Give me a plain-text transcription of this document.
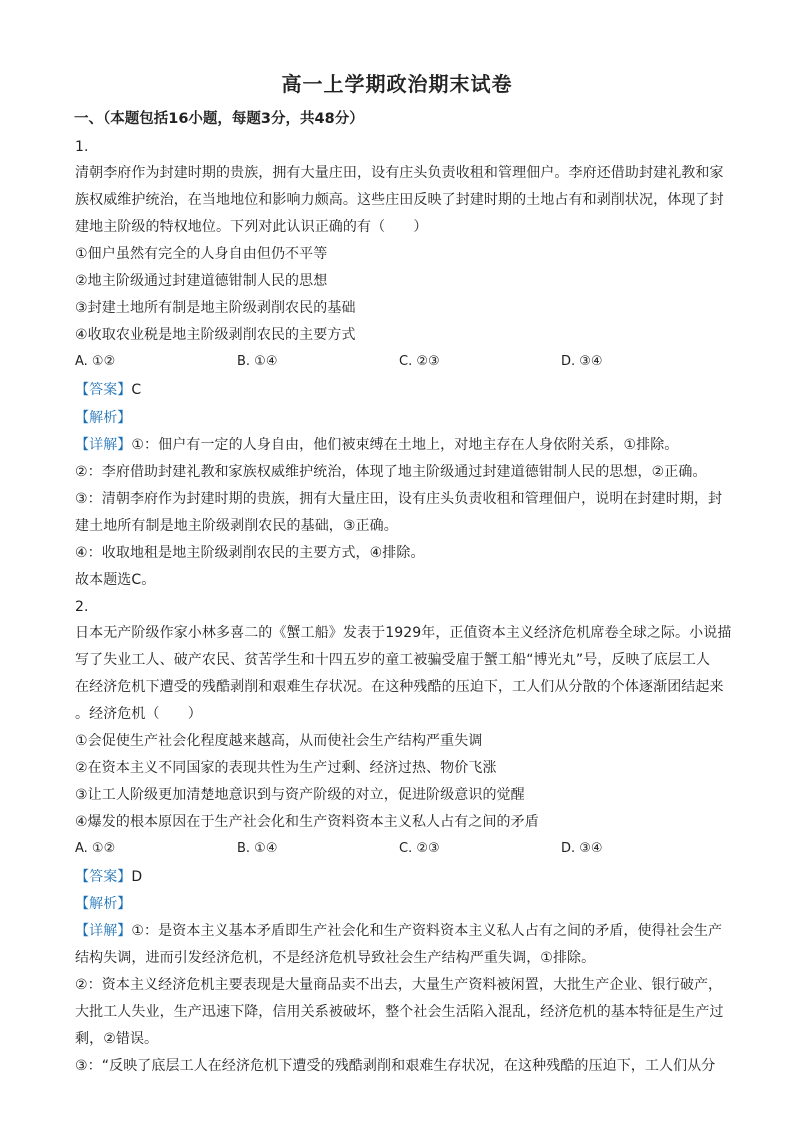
高一上学期政治期末试卷
一、（本题包括16小题，每题3分，共48分）
1.
清朝李府作为封建时期的贵族，拥有大量庄田，设有庄头负责收租和管理佃户。李府还借助封建礼教和家
族权威维护统治，在当地地位和影响力颇高。这些庄田反映了封建时期的土地占有和剥削状况，体现了封
建地主阶级的特权地位。下列对此认识正确的有（　　）
①佃户虽然有完全的人身自由但仍不平等
②地主阶级通过封建道德钳制人民的思想
③封建土地所有制是地主阶级剥削农民的基础
④收取农业税是地主阶级剥削农民的主要方式
A. ①②	B. ①④	C. ②③	D. ③④
【答案】C
【解析】
【详解】①：佃户有一定的人身自由，他们被束缚在土地上，对地主存在人身依附关系，①排除。
②：李府借助封建礼教和家族权威维护统治，体现了地主阶级通过封建道德钳制人民的思想，②正确。
③：清朝李府作为封建时期的贵族，拥有大量庄田，设有庄头负责收租和管理佃户，说明在封建时期，封
建土地所有制是地主阶级剥削农民的基础，③正确。
④：收取地租是地主阶级剥削农民的主要方式，④排除。
故本题选C。
2.
日本无产阶级作家小林多喜二的《蟹工船》发表于1929年，正值资本主义经济危机席卷全球之际。小说描
写了失业工人、破产农民、贫苦学生和十四五岁的童工被骗受雇于蟹工船“博光丸”号，反映了底层工人
在经济危机下遭受的残酷剥削和艰难生存状况。在这种残酷的压迫下，工人们从分散的个体逐渐团结起来
。经济危机（　　）
①会促使生产社会化程度越来越高，从而使社会生产结构严重失调
②在资本主义不同国家的表现共性为生产过剩、经济过热、物价飞涨
③让工人阶级更加清楚地意识到与资产阶级的对立，促进阶级意识的觉醒
④爆发的根本原因在于生产社会化和生产资料资本主义私人占有之间的矛盾
A. ①②	B. ①④	C. ②③	D. ③④
【答案】D
【解析】
【详解】①：是资本主义基本矛盾即生产社会化和生产资料资本主义私人占有之间的矛盾，使得社会生产
结构失调，进而引发经济危机，不是经济危机导致社会生产结构严重失调，①排除。
②：资本主义经济危机主要表现是大量商品卖不出去，大量生产资料被闲置，大批生产企业、银行破产，
大批工人失业，生产迅速下降，信用关系被破坏，整个社会生活陷入混乱，经济危机的基本特征是生产过
剩，②错误。
③：“反映了底层工人在经济危机下遭受的残酷剥削和艰难生存状况，在这种残酷的压迫下，工人们从分
